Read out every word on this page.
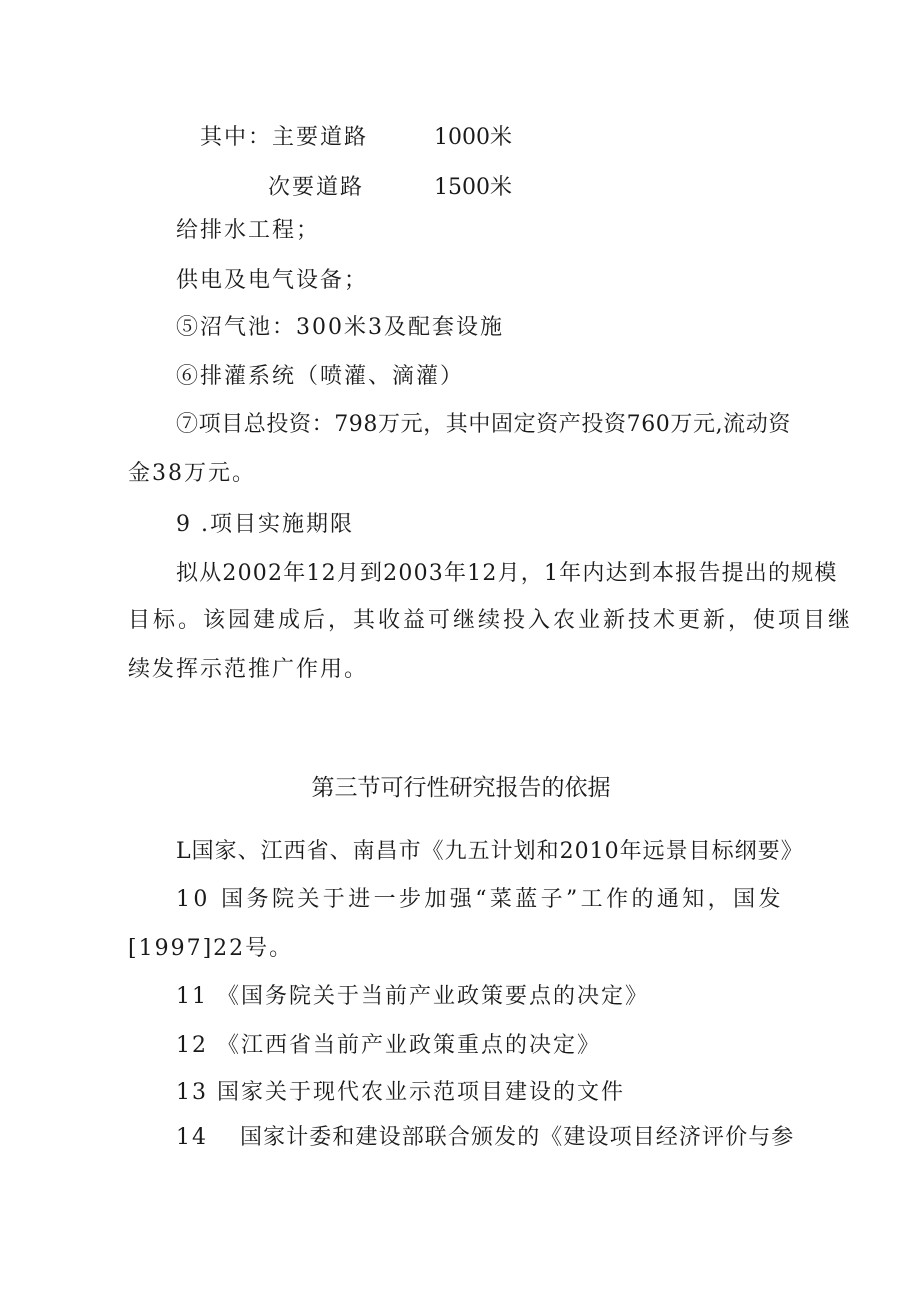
其中：主要道路	1000米
次要道路	1500米
给排水工程；
供电及电气设备；
⑤沼气池：300米3及配套设施
⑥排灌系统（喷灌、滴灌）
⑦项目总投资：798万元，其中固定资产投资760万元,流动资
金38万元。
9 .项目实施期限
拟从2002年12月到2003年12月，1年内达到本报告提出的规模
目标。该园建成后，其收益可继续投入农业新技术更新，使项目继
续发挥示范推广作用。
第三节可行性研究报告的依据
L国家、江西省、南昌市《九五计划和2010年远景目标纲要》
10 国务院关于进一步加强“菜蓝子”工作的通知，国发
[1997]22号。
11 《国务院关于当前产业政策要点的决定》
12 《江西省当前产业政策重点的决定》
13 国家关于现代农业示范项目建设的文件
14 国家计委和建设部联合颁发的《建设项目经济评价与参
